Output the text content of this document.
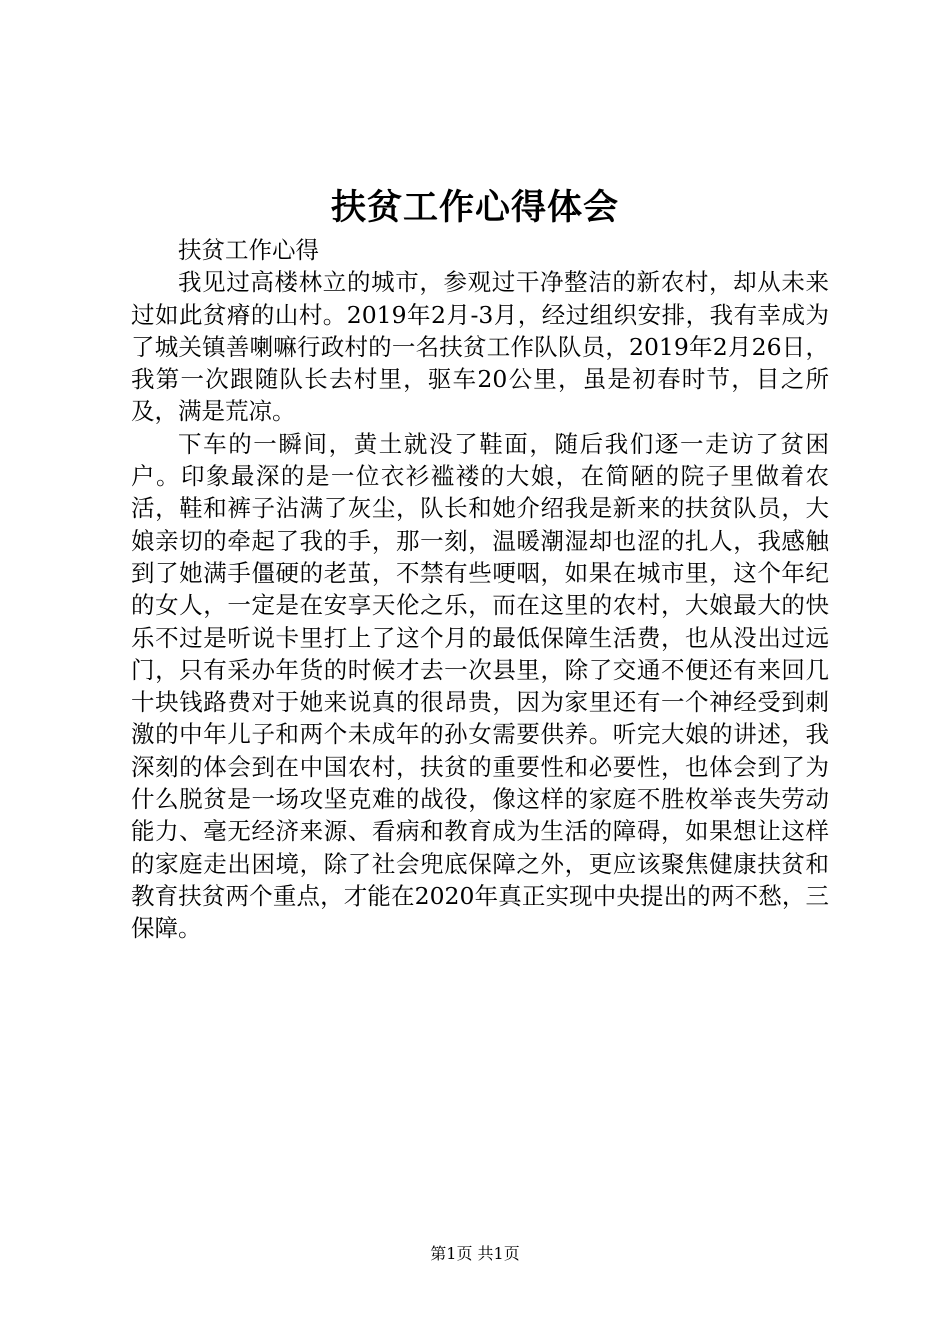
扶贫工作心得体会

扶贫工作心得

我见过高楼林立的城市，参观过干净整洁的新农村，却从未来过如此贫瘠的山村。2019年2月-3月，经过组织安排，我有幸成为了城关镇善喇嘛行政村的一名扶贫工作队队员，2019年2月26日，我第一次跟随队长去村里，驱车20公里，虽是初春时节，目之所及，满是荒凉。

下车的一瞬间，黄土就没了鞋面，随后我们逐一走访了贫困户。印象最深的是一位衣衫褴褛的大娘，在简陋的院子里做着农活，鞋和裤子沾满了灰尘，队长和她介绍我是新来的扶贫队员，大娘亲切的牵起了我的手，那一刻，温暖潮湿却也涩的扎人，我感触到了她满手僵硬的老茧，不禁有些哽咽，如果在城市里，这个年纪的女人，一定是在安享天伦之乐，而在这里的农村，大娘最大的快乐不过是听说卡里打上了这个月的最低保障生活费，也从没出过远门，只有采办年货的时候才去一次县里，除了交通不便还有来回几十块钱路费对于她来说真的很昂贵，因为家里还有一个神经受到刺激的中年儿子和两个未成年的孙女需要供养。听完大娘的讲述，我深刻的体会到在中国农村，扶贫的重要性和必要性，也体会到了为什么脱贫是一场攻坚克难的战役，像这样的家庭不胜枚举丧失劳动能力、毫无经济来源、看病和教育成为生活的障碍，如果想让这样的家庭走出困境，除了社会兜底保障之外，更应该聚焦健康扶贫和教育扶贫两个重点，才能在2020年真正实现中央提出的两不愁，三保障。

第1页 共1页
